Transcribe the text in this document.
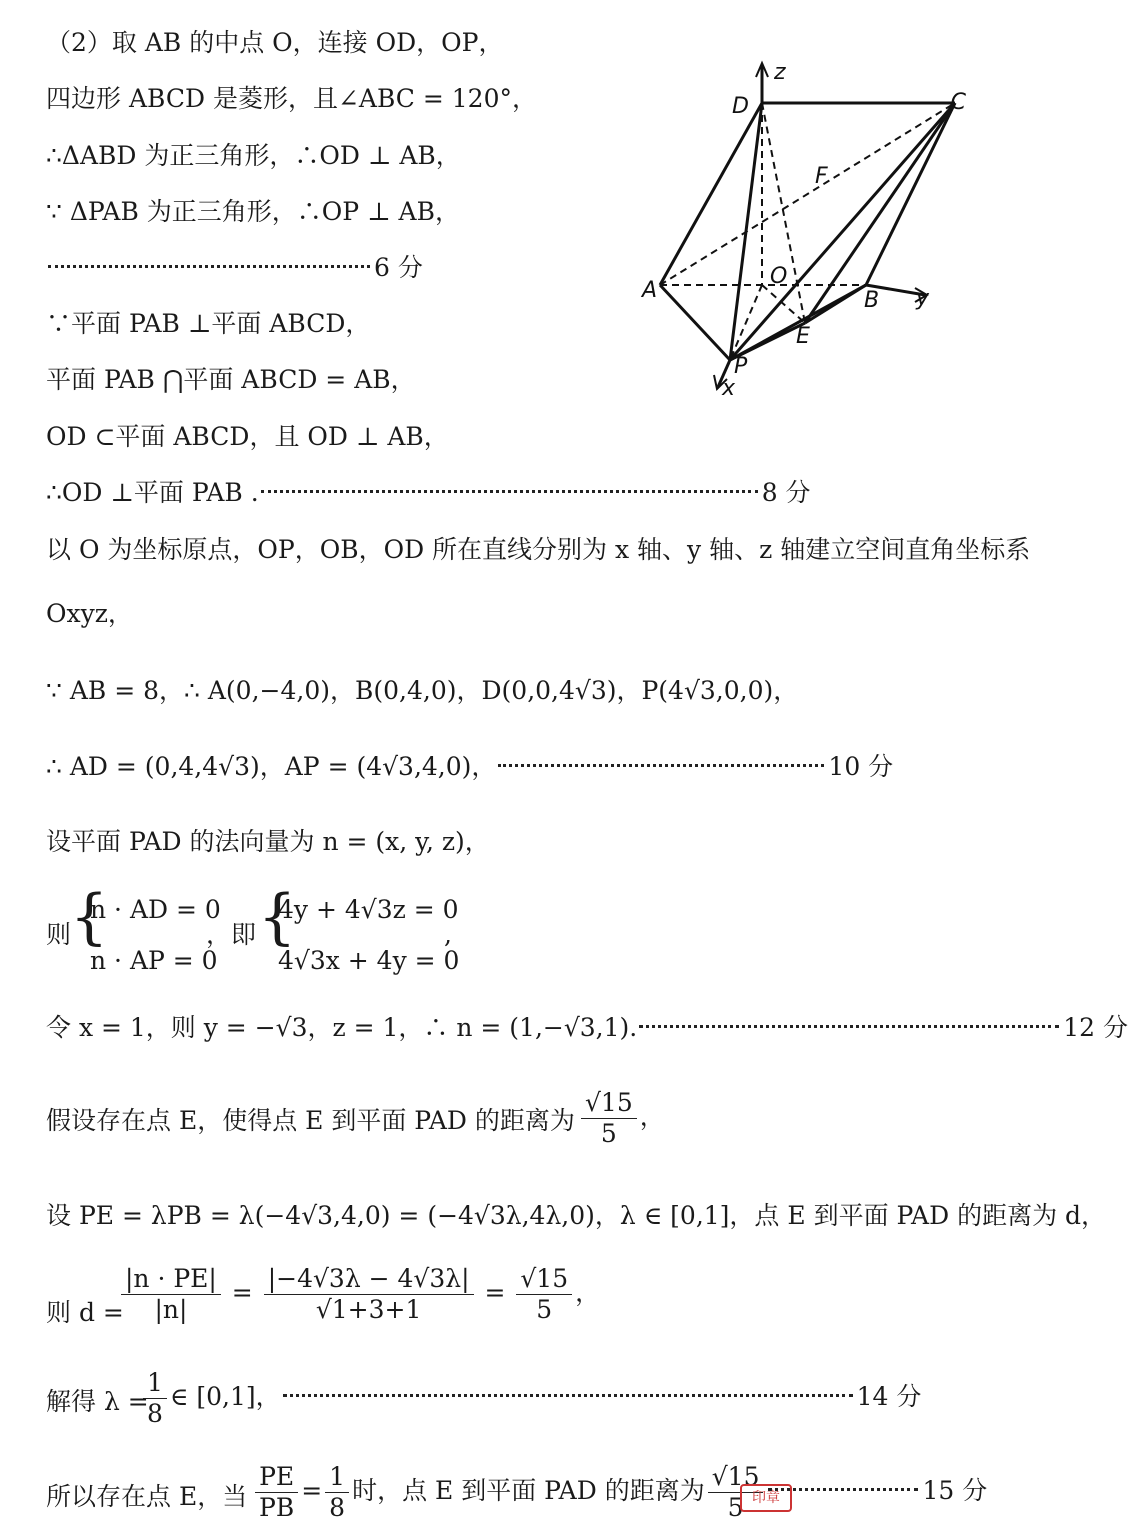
（2）取 AB 的中点 O，连接 OD，OP，
四边形 ABCD 是菱形，且∠ABC = 120°，
∴ΔABD 为正三角形，∴OD ⊥ AB，
∵ ΔPAB 为正三角形，∴OP ⊥ AB，
6 分
∵平面 PAB ⊥平面 ABCD，
平面 PAB ⋂平面 ABCD = AB，
OD ⊂平面 ABCD，且 OD ⊥ AB，
∴OD ⊥平面 PAB .	8 分
以 O 为坐标原点，OP，OB，OD 所在直线分别为 x 轴、y 轴、z 轴建立空间直角坐标系
Oxyz，
∵ AB = 8，∴ A(0,−4,0)，B(0,4,0)，D(0,0,4√3)，P(4√3,0,0)，
∴ AD = (0,4,4√3)，AP = (4√3,4,0)，	10 分
设平面 PAD 的法向量为 n = (x, y, z)，
则
{
n · AD = 0
n · AP = 0
，即 {
4y + 4√3z = 0
4√3x + 4y = 0
,
令 x = 1，则 y = −√3，z = 1，∴ n = (1,−√3,1).	12 分
假设存在点 E，使得点 E 到平面 PAD 的距离为 $\frac{√15}{5}$ ，
设 PE = λPB = λ(−4√3,4,0) = (−4√3λ,4λ,0)，λ ∈ [0,1]，点 E 到平面 PAD 的距离为 d，
则 d =
$\frac{|n \cdot PE|}{|n|} = \frac{|-4√3\lambda - 4√3\lambda|}{√1+3+1} = \frac{√15}{5}$ ，
解得 λ =
$\frac{1}{8}$ ∈ [0,1]，	14 分
所以存在点 E，当 $\frac{PE}{PB} = \frac{1}{8}$ 时，点 E 到平面 PAD 的距离为 $\frac{√15}{5}$	15 分
印章
z
D	C
F
O
A	B y
E
P
x
